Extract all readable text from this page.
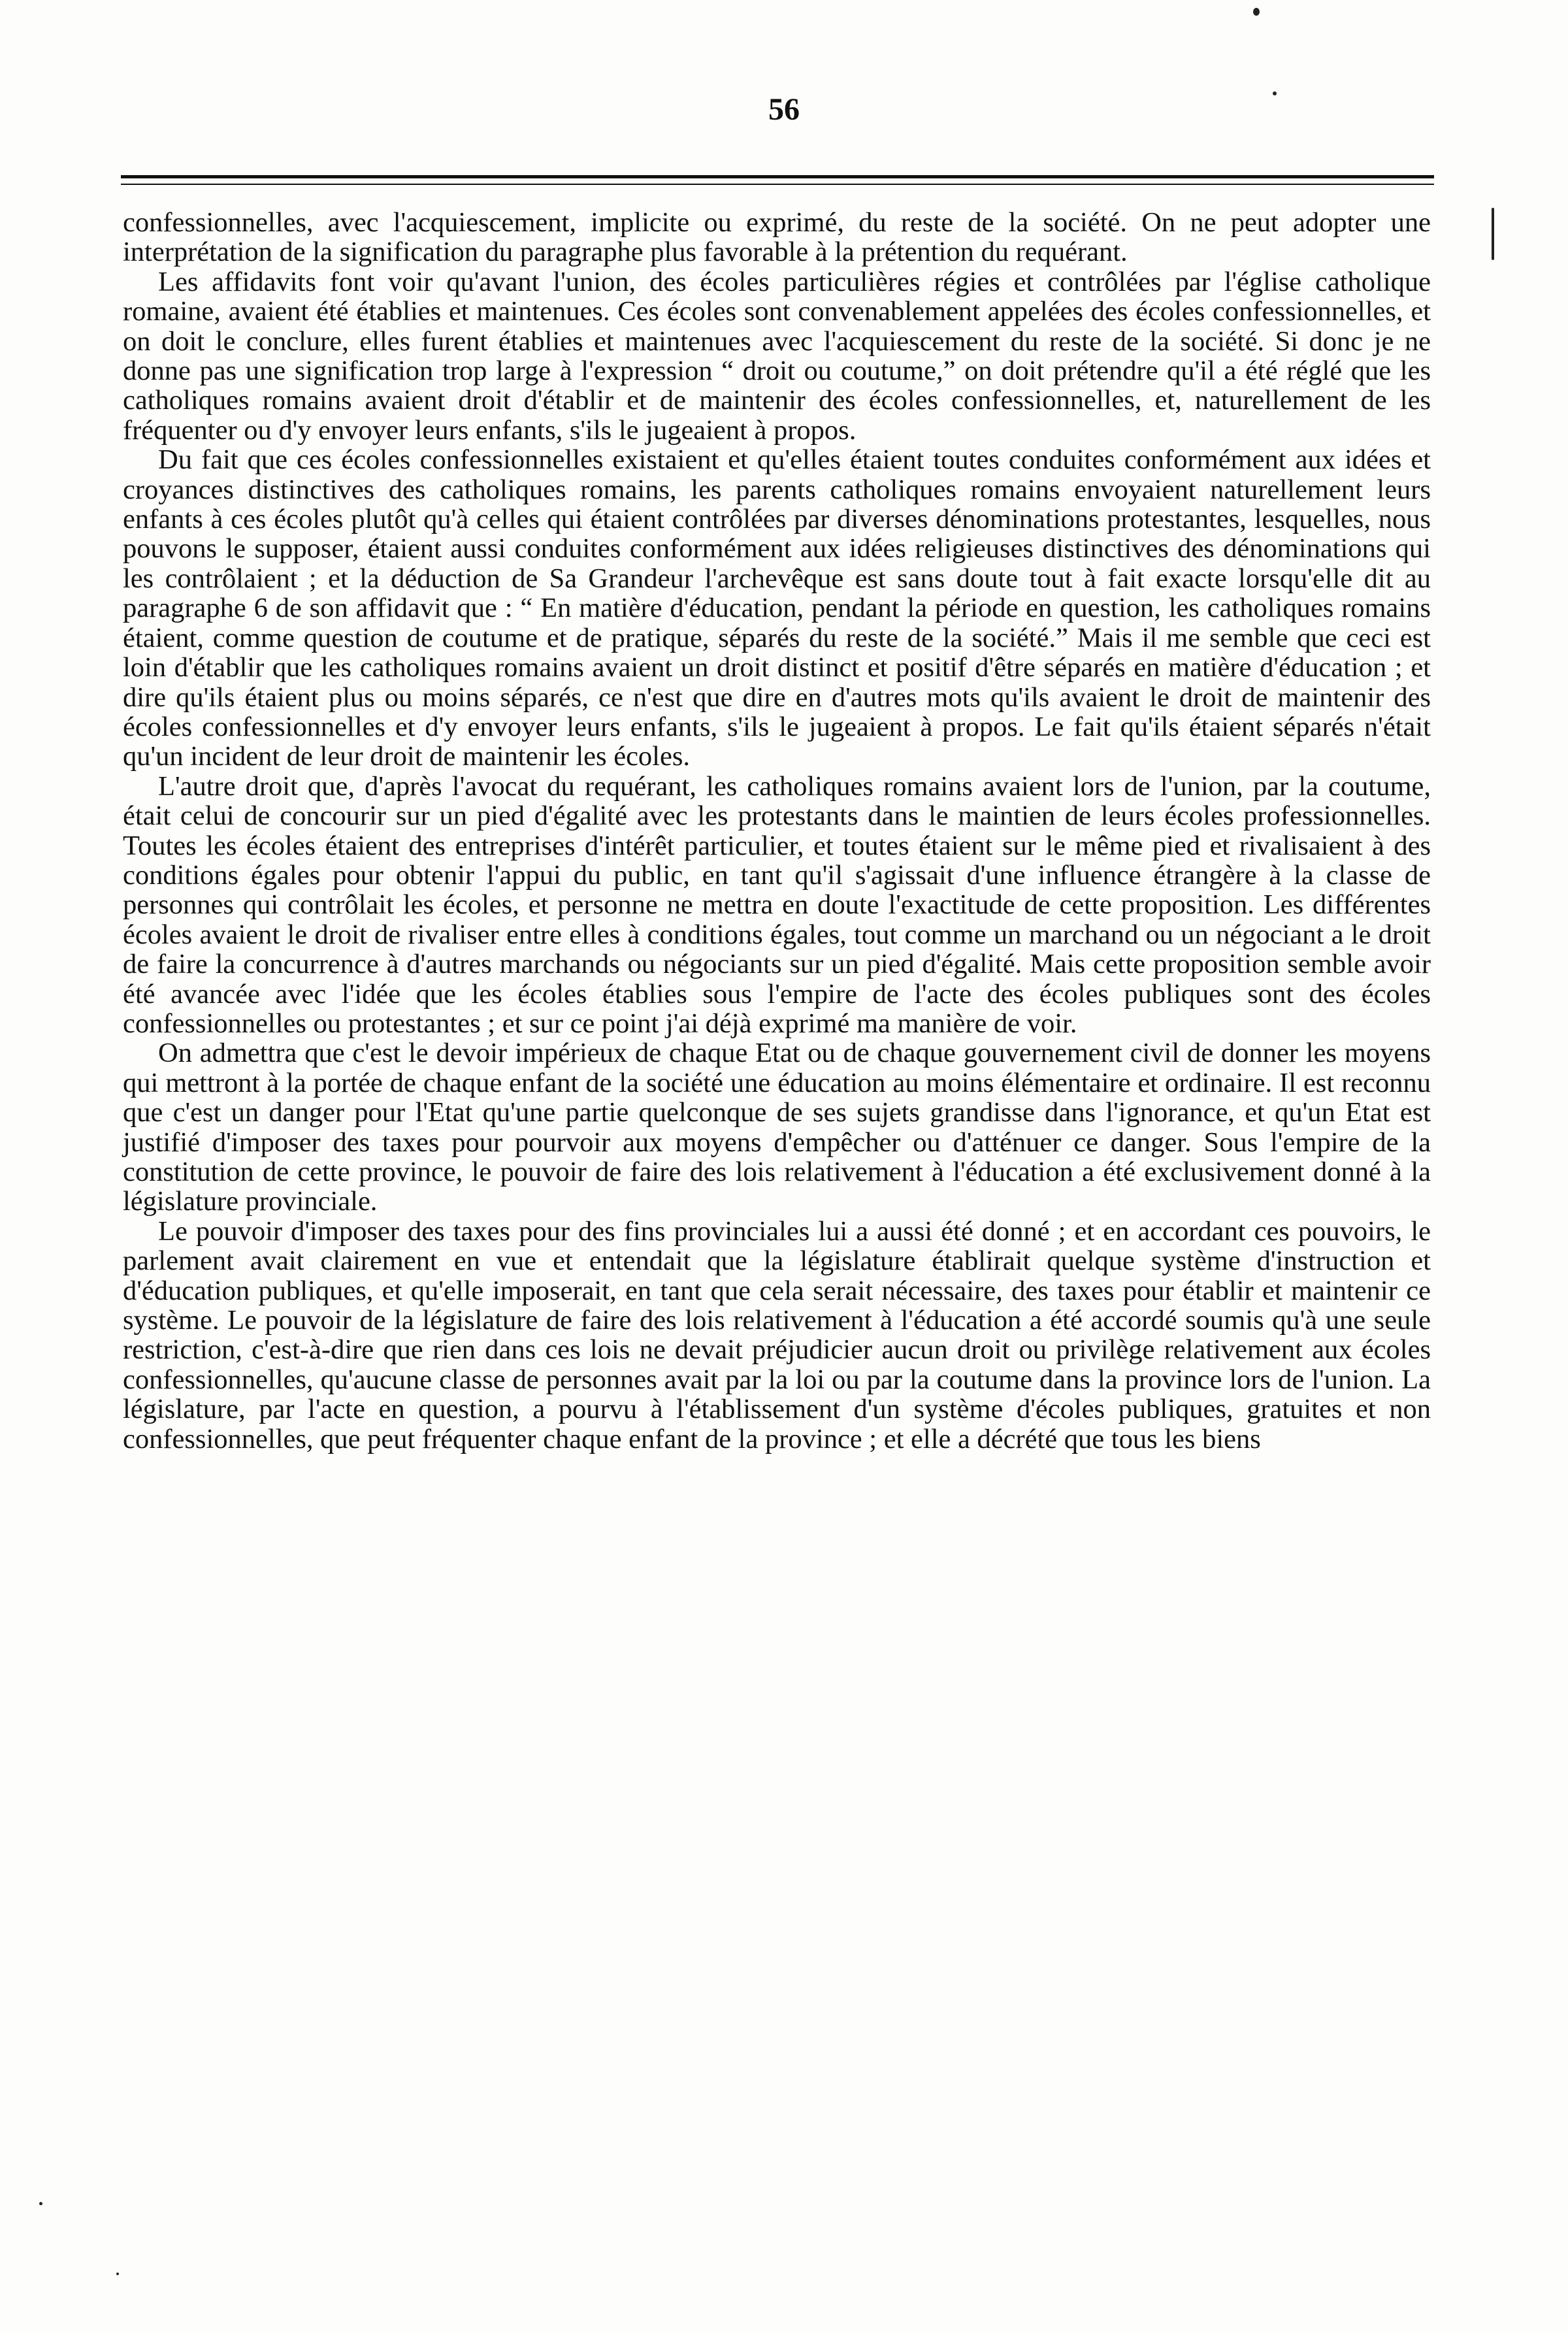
56

confessionnelles, avec l'acquiescement, implicite ou exprimé, du reste de la société. On ne peut adopter une interprétation de la signification du paragraphe plus favorable à la prétention du requérant.

Les affidavits font voir qu'avant l'union, des écoles particulières régies et contrôlées par l'église catholique romaine, avaient été établies et maintenues. Ces écoles sont convenablement appelées des écoles confessionnelles, et on doit le conclure, elles furent établies et maintenues avec l'acquiescement du reste de la société. Si donc je ne donne pas une signification trop large à l'expression “ droit ou coutume,” on doit prétendre qu'il a été réglé que les catholiques romains avaient droit d'établir et de maintenir des écoles confessionnelles, et, naturellement de les fréquenter ou d'y envoyer leurs enfants, s'ils le jugeaient à propos.

Du fait que ces écoles confessionnelles existaient et qu'elles étaient toutes conduites conformément aux idées et croyances distinctives des catholiques romains, les parents catholiques romains envoyaient naturellement leurs enfants à ces écoles plutôt qu'à celles qui étaient contrôlées par diverses dénominations protestantes, lesquelles, nous pouvons le supposer, étaient aussi conduites conformément aux idées religieuses distinctives des dénominations qui les contrôlaient ; et la déduction de Sa Grandeur l'archevêque est sans doute tout à fait exacte lorsqu'elle dit au paragraphe 6 de son affidavit que : “ En matière d'éducation, pendant la période en question, les catholiques romains étaient, comme question de coutume et de pratique, séparés du reste de la société.” Mais il me semble que ceci est loin d'établir que les catholiques romains avaient un droit distinct et positif d'être séparés en matière d'éducation ; et dire qu'ils étaient plus ou moins séparés, ce n'est que dire en d'autres mots qu'ils avaient le droit de maintenir des écoles confessionnelles et d'y envoyer leurs enfants, s'ils le jugeaient à propos. Le fait qu'ils étaient séparés n'était qu'un incident de leur droit de maintenir les écoles.

L'autre droit que, d'après l'avocat du requérant, les catholiques romains avaient lors de l'union, par la coutume, était celui de concourir sur un pied d'égalité avec les protestants dans le maintien de leurs écoles professionnelles. Toutes les écoles étaient des entreprises d'intérêt particulier, et toutes étaient sur le même pied et rivalisaient à des conditions égales pour obtenir l'appui du public, en tant qu'il s'agissait d'une influence étrangère à la classe de personnes qui contrôlait les écoles, et personne ne mettra en doute l'exactitude de cette proposition. Les différentes écoles avaient le droit de rivaliser entre elles à conditions égales, tout comme un marchand ou un négociant a le droit de faire la concurrence à d'autres marchands ou négociants sur un pied d'égalité. Mais cette proposition semble avoir été avancée avec l'idée que les écoles établies sous l'empire de l'acte des écoles publiques sont des écoles confessionnelles ou protestantes ; et sur ce point j'ai déjà exprimé ma manière de voir.

On admettra que c'est le devoir impérieux de chaque Etat ou de chaque gouvernement civil de donner les moyens qui mettront à la portée de chaque enfant de la société une éducation au moins élémentaire et ordinaire. Il est reconnu que c'est un danger pour l'Etat qu'une partie quelconque de ses sujets grandisse dans l'ignorance, et qu'un Etat est justifié d'imposer des taxes pour pourvoir aux moyens d'empêcher ou d'atténuer ce danger. Sous l'empire de la constitution de cette province, le pouvoir de faire des lois relativement à l'éducation a été exclusivement donné à la législature provinciale.

Le pouvoir d'imposer des taxes pour des fins provinciales lui a aussi été donné ; et en accordant ces pouvoirs, le parlement avait clairement en vue et entendait que la législature établirait quelque système d'instruction et d'éducation publiques, et qu'elle imposerait, en tant que cela serait nécessaire, des taxes pour établir et maintenir ce système. Le pouvoir de la législature de faire des lois relativement à l'éducation a été accordé soumis qu'à une seule restriction, c'est-à-dire que rien dans ces lois ne devait préjudicier aucun droit ou privilège relativement aux écoles confessionnelles, qu'aucune classe de personnes avait par la loi ou par la coutume dans la province lors de l'union. La législature, par l'acte en question, a pourvu à l'établissement d'un système d'écoles publiques, gratuites et non confessionnelles, que peut fréquenter chaque enfant de la province ; et elle a décrété que tous les biens
